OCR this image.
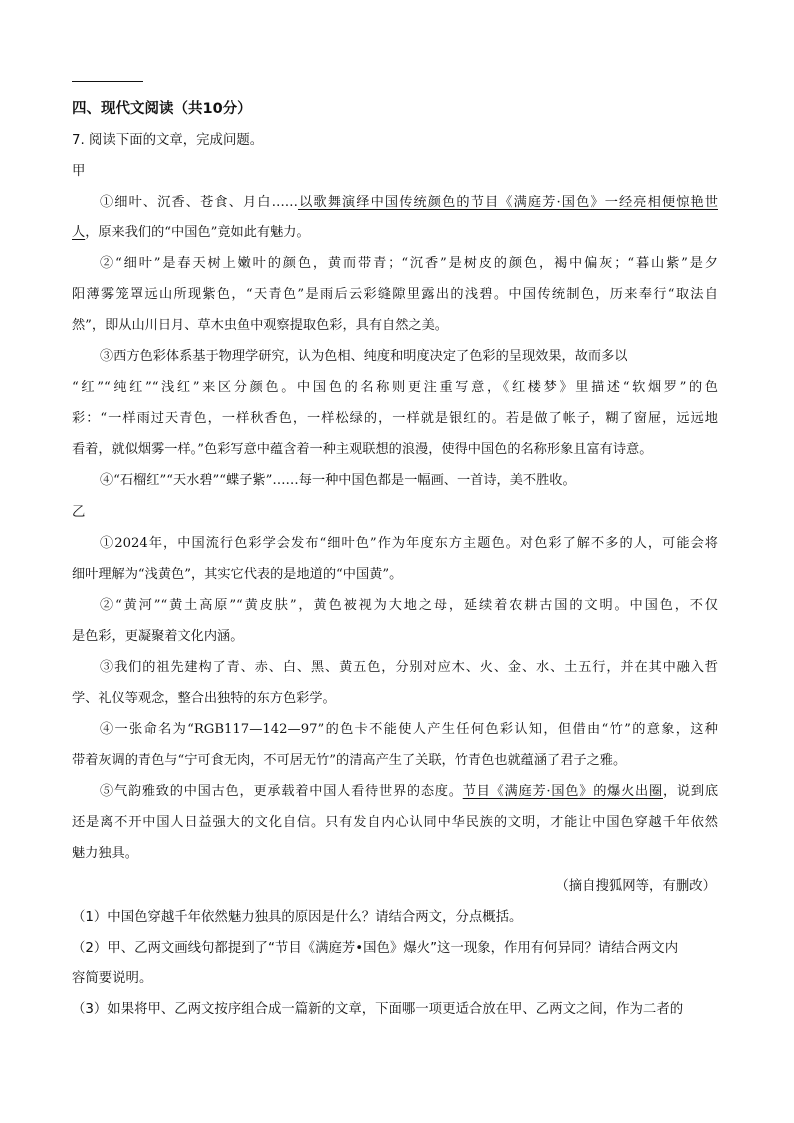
四、现代文阅读（共10分）
7. 阅读下面的文章，完成问题。
甲
①细叶、沉香、苍食、月白……以歌舞演绎中国传统颜色的节目《满庭芳·国色》一经亮相便惊艳世
人，原来我们的“中国色”竟如此有魅力。
②“细叶”是春天树上嫩叶的颜色，黄而带青；“沉香”是树皮的颜色，褐中偏灰；“暮山紫”是夕
阳薄雾笼罩远山所现紫色，“天青色”是雨后云彩缝隙里露出的浅碧。中国传统制色，历来奉行“取法自
然”，即从山川日月、草木虫鱼中观察提取色彩，具有自然之美。
③西方色彩体系基于物理学研究，认为色相、纯度和明度决定了色彩的呈现效果，故而多以
“红”“纯红”“浅红”来区分颜色。中国色的名称则更注重写意，《红楼梦》里描述“软烟罗”的色
彩：“一样雨过天青色，一样秋香色，一样松绿的，一样就是银红的。若是做了帐子，糊了窗屉，远远地
看着，就似烟雾一样。”色彩写意中蕴含着一种主观联想的浪漫，使得中国色的名称形象且富有诗意。
④“石榴红”“天水碧”“蝶子紫”……每一种中国色都是一幅画、一首诗，美不胜收。
乙
①2024年，中国流行色彩学会发布“细叶色”作为年度东方主题色。对色彩了解不多的人，可能会将
细叶理解为“浅黄色”，其实它代表的是地道的“中国黄”。
②“黄河”“黄土高原”“黄皮肤”，黄色被视为大地之母，延续着农耕古国的文明。中国色，不仅
是色彩，更凝聚着文化内涵。
③我们的祖先建构了青、赤、白、黑、黄五色，分别对应木、火、金、水、土五行，并在其中融入哲
学、礼仪等观念，整合出独特的东方色彩学。
④一张命名为“RGB117—142—97”的色卡不能使人产生任何色彩认知，但借由“竹”的意象，这种
带着灰调的青色与“宁可食无肉，不可居无竹”的清高产生了关联，竹青色也就蕴涵了君子之雅。
⑤气韵雅致的中国古色，更承载着中国人看待世界的态度。节目《满庭芳·国色》的爆火出圈，说到底
还是离不开中国人日益强大的文化自信。只有发自内心认同中华民族的文明，才能让中国色穿越千年依然
魅力独具。
（摘自搜狐网等，有删改）
（1）中国色穿越千年依然魅力独具的原因是什么？请结合两文，分点概括。
（2）甲、乙两文画线句都提到了“节目《满庭芳•国色》爆火”这一现象，作用有何异同？请结合两文内
容简要说明。
（3）如果将甲、乙两文按序组合成一篇新的文章，下面哪一项更适合放在甲、乙两文之间，作为二者的
